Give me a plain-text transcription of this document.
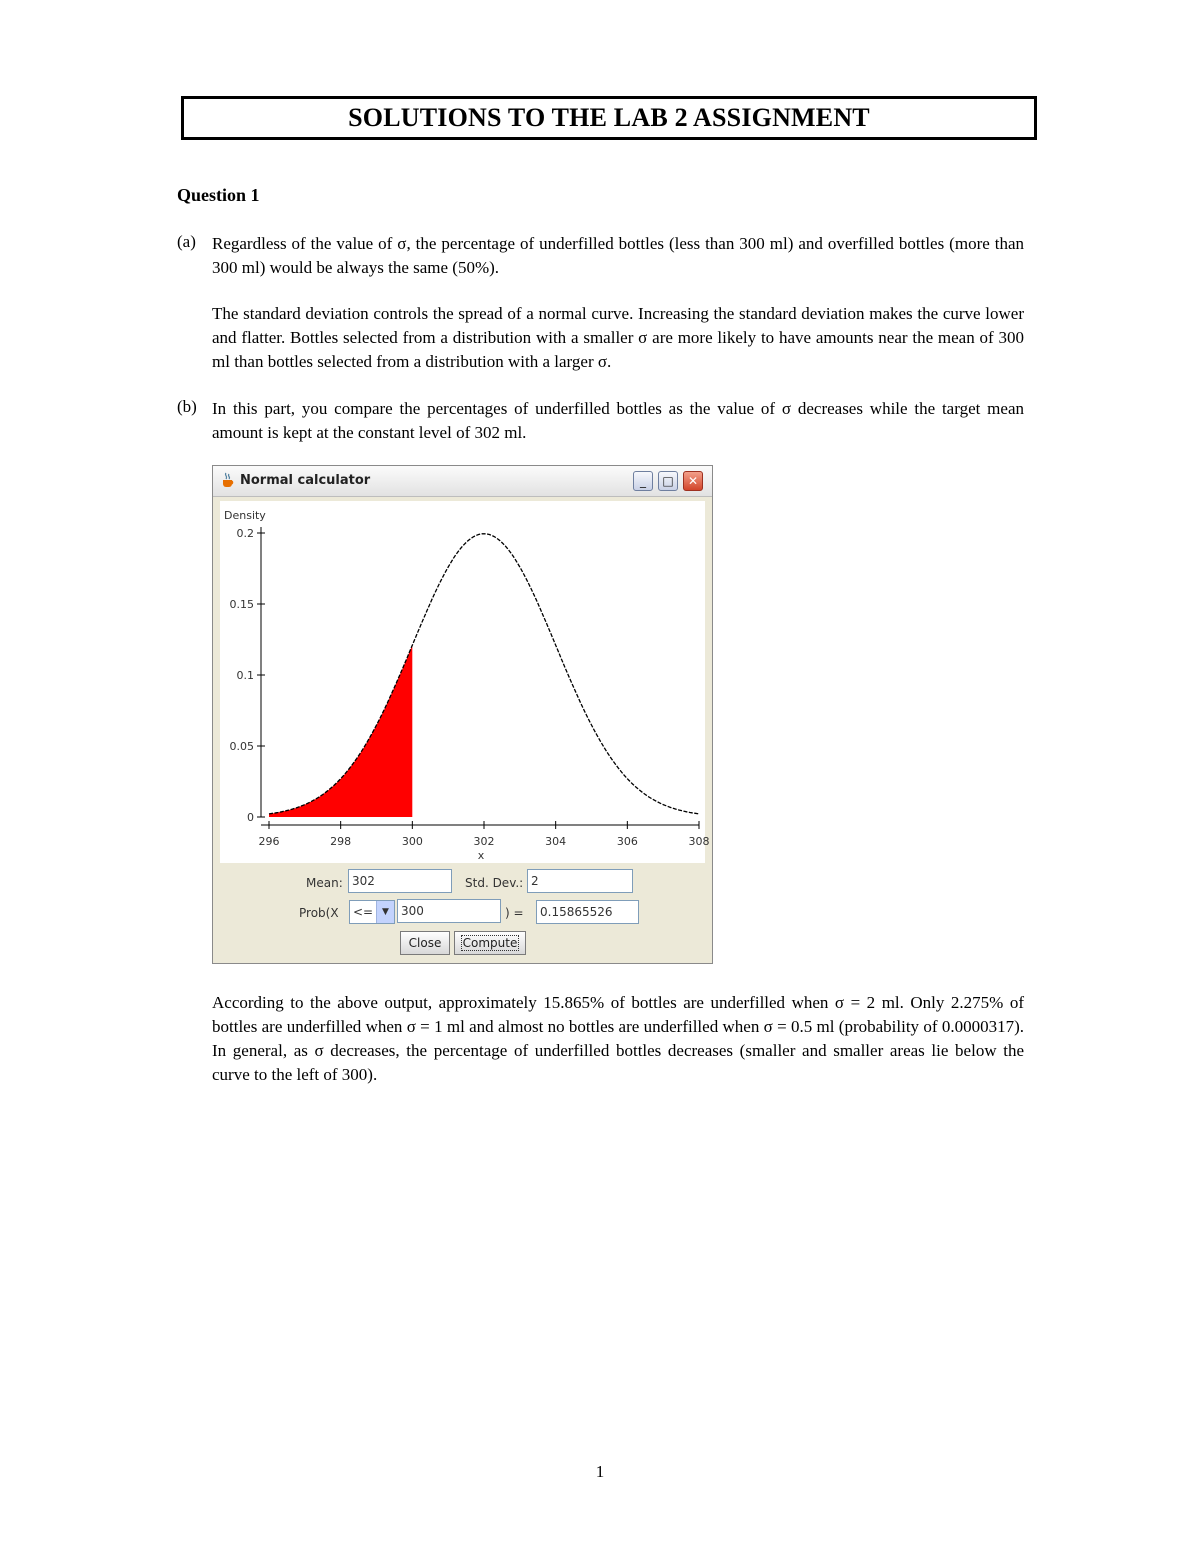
SOLUTIONS TO THE LAB 2 ASSIGNMENT
Question 1
(a) Regardless of the value of σ, the percentage of underfilled bottles (less than 300 ml) and overfilled bottles (more than 300 ml) would be always the same (50%).
The standard deviation controls the spread of a normal curve. Increasing the standard deviation makes the curve lower and flatter. Bottles selected from a distribution with a smaller σ are more likely to have amounts near the mean of 300 ml than bottles selected from a distribution with a larger σ.
(b) In this part, you compare the percentages of underfilled bottles as the value of σ decreases while the target mean amount is kept at the constant level of 302 ml.
Normal calculator	_	□	✕
0
0.05
0.1
0.15
0.2
296	298	300	302	304	306	308
Density
x
Mean: 302	Std. Dev.: 2
Prob(X	<= ▼	300	) =	0.15865526
Close	Compute
According to the above output, approximately 15.865% of bottles are underfilled when σ = 2 ml. Only 2.275% of bottles are underfilled when σ = 1 ml and almost no bottles are underfilled when σ = 0.5 ml (probability of 0.0000317). In general, as σ decreases, the percentage of underfilled bottles decreases (smaller and smaller areas lie below the curve to the left of 300).
1
